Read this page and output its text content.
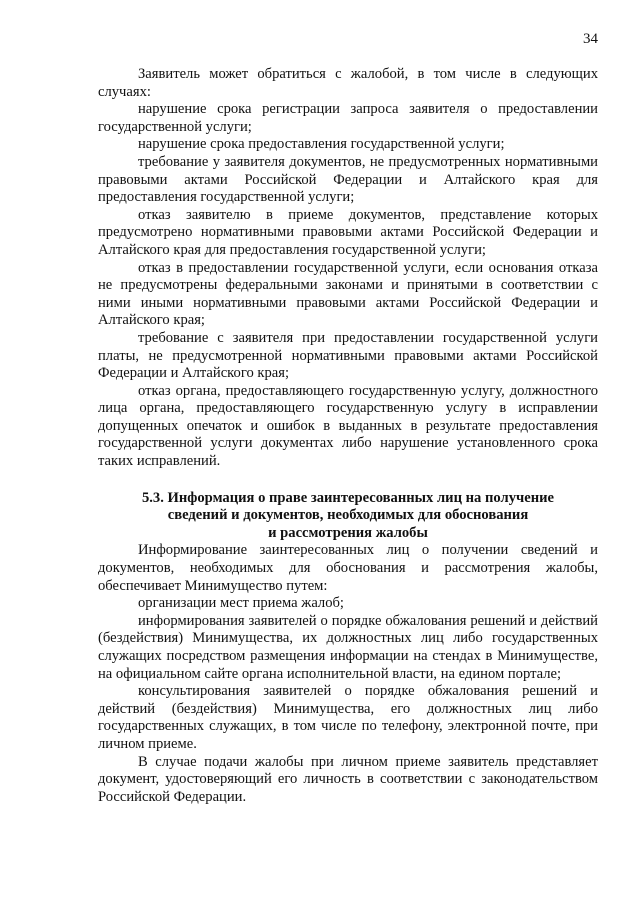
34

Заявитель может обратиться с жалобой, в том числе в следующих случаях:

нарушение срока регистрации запроса заявителя о предоставлении государственной услуги;

нарушение срока предоставления государственной услуги;

требование у заявителя документов, не предусмотренных нормативными правовыми актами Российской Федерации и Алтайского края для предоставления государственной услуги;

отказ заявителю в приеме документов, представление которых предусмотрено нормативными правовыми актами Российской Федерации и Алтайского края для предоставления государственной услуги;

отказ в предоставлении государственной услуги, если основания отказа не предусмотрены федеральными законами и принятыми в соответствии с ними иными нормативными правовыми актами Российской Федерации и Алтайского края;

требование с заявителя при предоставлении государственной услуги платы, не предусмотренной нормативными правовыми актами Российской Федерации и Алтайского края;

отказ органа, предоставляющего государственную услугу, должностного лица органа, предоставляющего государственную услугу в исправлении допущенных опечаток и ошибок в выданных в результате предоставления государственной услуги документах либо нарушение установленного срока таких исправлений.

5.3. Информация о праве заинтересованных лиц на получение
сведений и документов, необходимых для обоснования
и рассмотрения жалобы

Информирование заинтересованных лиц о получении сведений и документов, необходимых для обоснования и рассмотрения жалобы, обеспечивает Минимущество путем:

организации мест приема жалоб;

информирования заявителей о порядке обжалования решений и действий (бездействия) Минимущества, их должностных лиц либо государственных служащих посредством размещения информации на стендах в Минимуществе, на официальном сайте органа исполнительной власти, на едином портале;

консультирования заявителей о порядке обжалования решений и действий (бездействия) Минимущества, его должностных лиц либо государственных служащих, в том числе по телефону, электронной почте, при личном приеме.

В случае подачи жалобы при личном приеме заявитель представляет документ, удостоверяющий его личность в соответствии с законодательством Российской Федерации.
